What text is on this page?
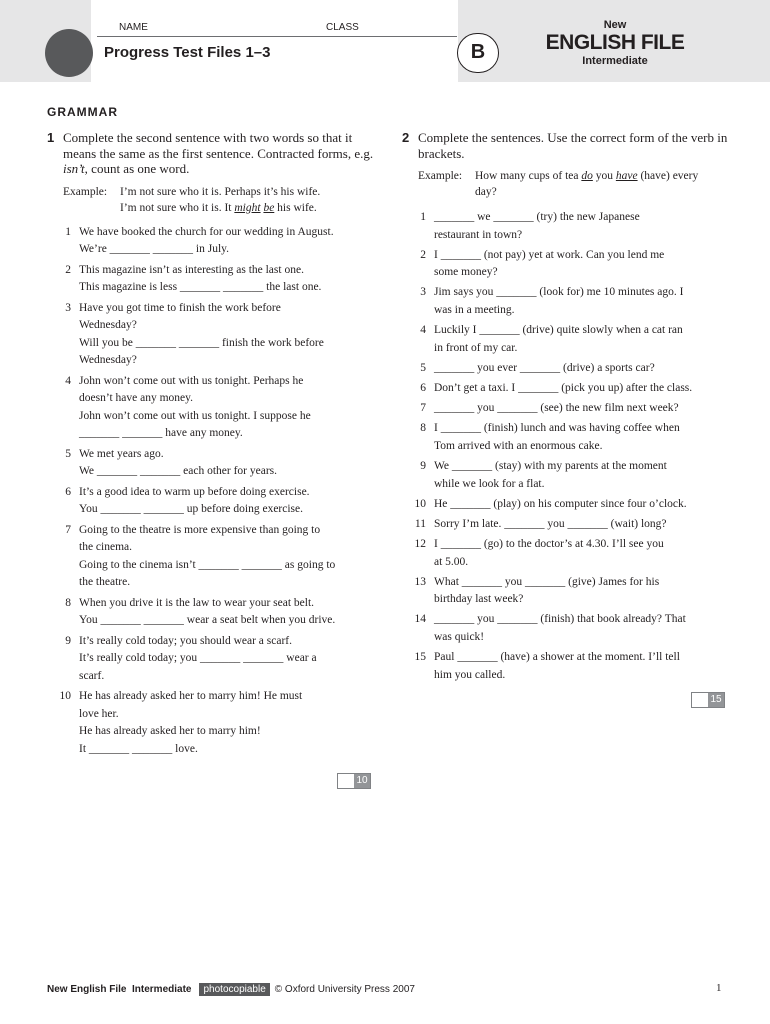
NAME	CLASS
Progress Test Files 1–3	B
New
ENGLISH FILE
Intermediate
GRAMMAR
1 Complete the second sentence with two words so that it means the same as the first sentence. Contracted forms, e.g. isn’t, count as one word.
Example:	I’m not sure who it is. Perhaps it’s his wife.
I’m not sure who it is. It might be his wife.
1 We have booked the church for our wedding in August.
We’re _______ _______ in July.
2 This magazine isn’t as interesting as the last one.
This magazine is less _______ _______ the last one.
3 Have you got time to finish the work before
Wednesday?
Will you be _______ _______ finish the work before
Wednesday?
4 John won’t come out with us tonight. Perhaps he
doesn’t have any money.
John won’t come out with us tonight. I suppose he
_______ _______ have any money.
5 We met years ago.
We _______ _______ each other for years.
6 It’s a good idea to warm up before doing exercise.
You _______ _______ up before doing exercise.
7 Going to the theatre is more expensive than going to
the cinema.
Going to the cinema isn’t _______ _______ as going to
the theatre.
8 When you drive it is the law to wear your seat belt.
You _______ _______ wear a seat belt when you drive.
9 It’s really cold today; you should wear a scarf.
It’s really cold today; you _______ _______ wear a
scarf.
10 He has already asked her to marry him! He must
love her.
He has already asked her to marry him!
It _______ _______ love.
10
2 Complete the sentences. Use the correct form of the verb in brackets.
Example:	How many cups of tea do you have (have) every
day?
1 _______ we _______ (try) the new Japanese
restaurant in town?
2 I _______ (not pay) yet at work. Can you lend me
some money?
3 Jim says you _______ (look for) me 10 minutes ago. I
was in a meeting.
4 Luckily I _______ (drive) quite slowly when a cat ran
in front of my car.
5 _______ you ever _______ (drive) a sports car?
6 Don’t get a taxi. I _______ (pick you up) after the class.
7 _______ you _______ (see) the new film next week?
8 I _______ (finish) lunch and was having coffee when
Tom arrived with an enormous cake.
9 We _______ (stay) with my parents at the moment
while we look for a flat.
10 He _______ (play) on his computer since four o’clock.
11 Sorry I’m late. _______ you _______ (wait) long?
12 I _______ (go) to the doctor’s at 4.30. I’ll see you
at 5.00.
13 What _______ you _______ (give) James for his
birthday last week?
14 _______ you _______ (finish) that book already? That
was quick!
15 Paul _______ (have) a shower at the moment. I’ll tell
him you called.
15
New English File  Intermediate	photocopiable © Oxford University Press 2007	1
